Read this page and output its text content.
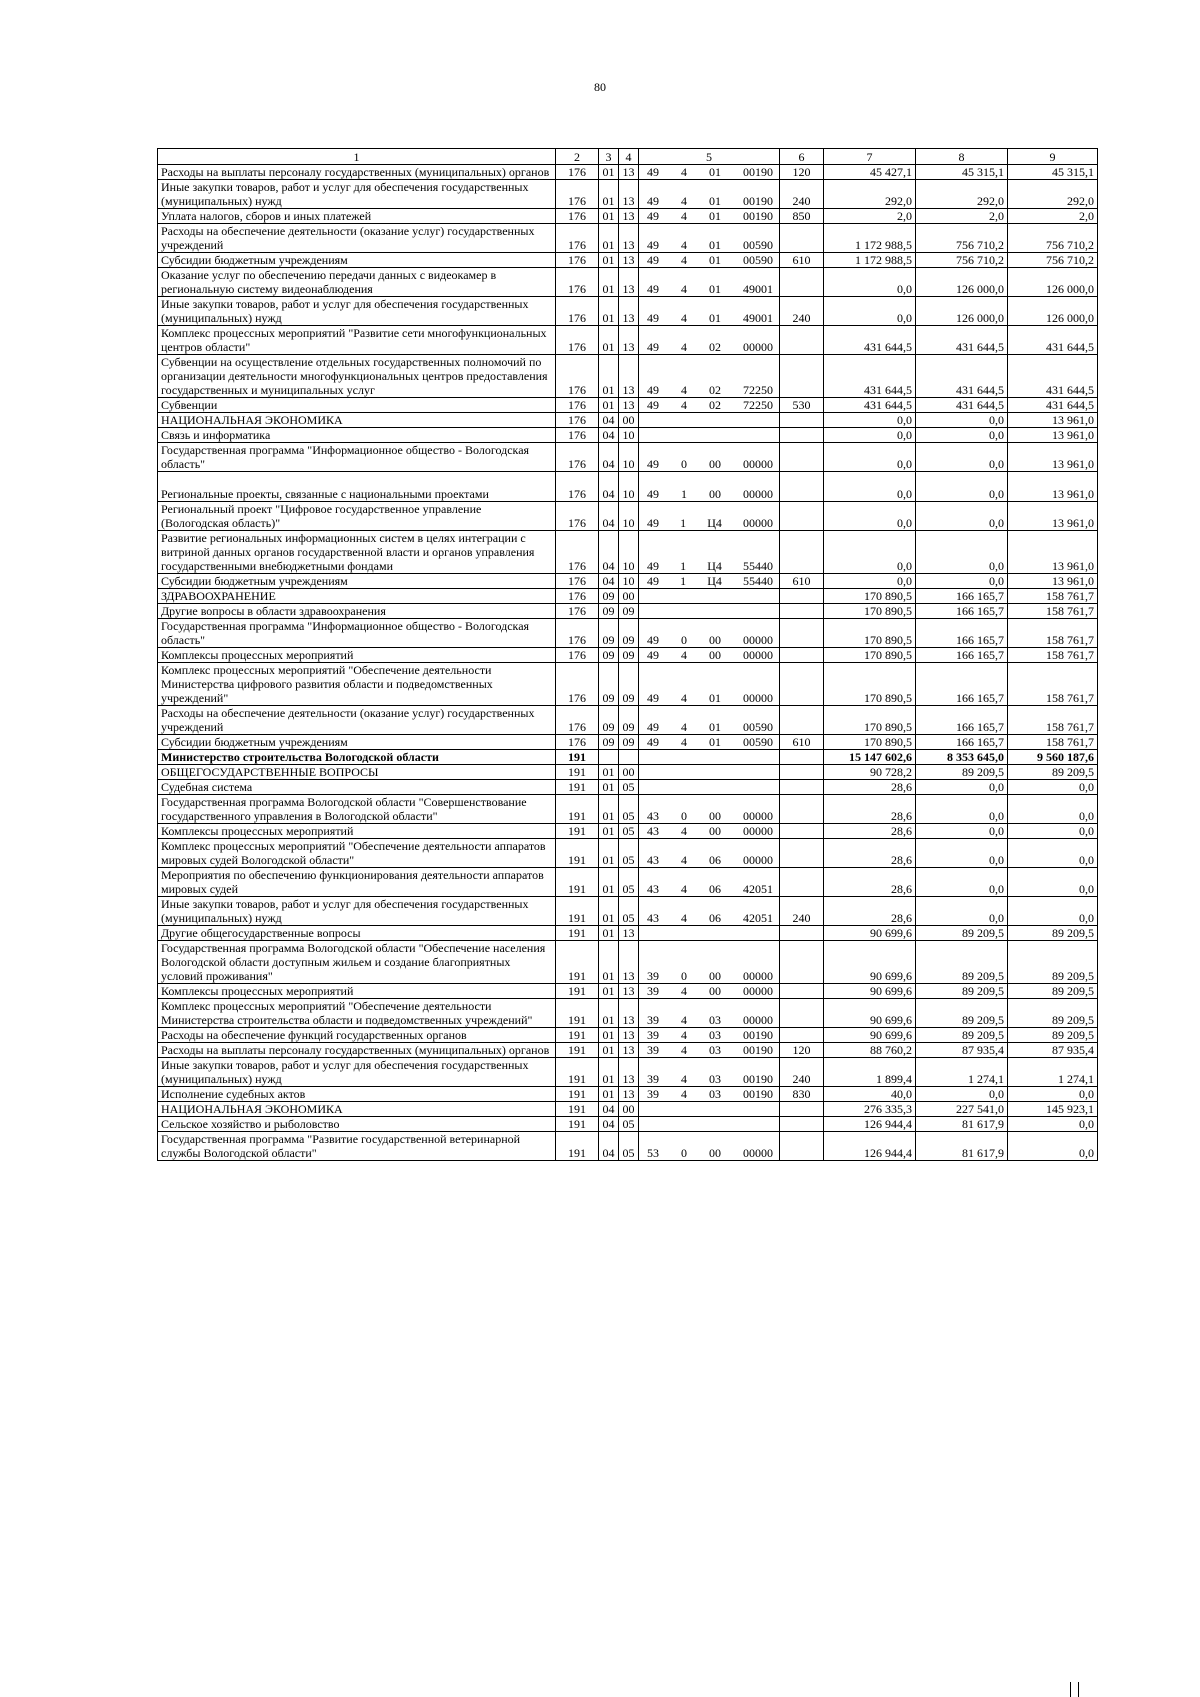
80
1	2	3	4	5	6	7	8	9
Расходы на выплаты персоналу государственных (муниципальных) органов	176	01	13	49 4 01 00190	120	45 427,1	45 315,1	45 315,1
Иные закупки товаров, работ и услуг для обеспечения государственных (муниципальных) нужд	176	01	13	49 4 01 00190	240	292,0	292,0	292,0
Уплата налогов, сборов и иных платежей	176	01	13	49 4 01 00190	850	2,0	2,0	2,0
Расходы на обеспечение деятельности (оказание услуг) государственных учреждений	176	01	13	49 4 01 00590		1 172 988,5	756 710,2	756 710,2
Субсидии бюджетным учреждениям	176	01	13	49 4 01 00590	610	1 172 988,5	756 710,2	756 710,2
Оказание услуг по обеспечению передачи данных с видеокамер в региональную систему видеонаблюдения	176	01	13	49 4 01 49001		0,0	126 000,0	126 000,0
Иные закупки товаров, работ и услуг для обеспечения государственных (муниципальных) нужд	176	01	13	49 4 01 49001	240	0,0	126 000,0	126 000,0
Комплекс процессных мероприятий "Развитие сети многофункциональных центров области"	176	01	13	49 4 02 00000		431 644,5	431 644,5	431 644,5
Субвенции на осуществление отдельных государственных полномочий по организации деятельности многофункциональных центров предоставления государственных и муниципальных услуг	176	01	13	49 4 02 72250		431 644,5	431 644,5	431 644,5
Субвенции	176	01	13	49 4 02 72250	530	431 644,5	431 644,5	431 644,5
НАЦИОНАЛЬНАЯ ЭКОНОМИКА	176	04	00			0,0	0,0	13 961,0
Связь и информатика	176	04	10			0,0	0,0	13 961,0
Государственная программа "Информационное общество - Вологодская область"	176	04	10	49 0 00 00000		0,0	0,0	13 961,0
Региональные проекты, связанные с национальными проектами	176	04	10	49 1 00 00000		0,0	0,0	13 961,0
Региональный проект "Цифровое государственное управление (Вологодская область)"	176	04	10	49 1 Ц4 00000		0,0	0,0	13 961,0
Развитие региональных информационных систем в целях интеграции с витриной данных органов государственной власти и органов управления государственными внебюджетными фондами	176	04	10	49 1 Ц4 55440		0,0	0,0	13 961,0
Субсидии бюджетным учреждениям	176	04	10	49 1 Ц4 55440	610	0,0	0,0	13 961,0
ЗДРАВООХРАНЕНИЕ	176	09	00			170 890,5	166 165,7	158 761,7
Другие вопросы в области здравоохранения	176	09	09			170 890,5	166 165,7	158 761,7
Государственная программа "Информационное общество - Вологодская область"	176	09	09	49 0 00 00000		170 890,5	166 165,7	158 761,7
Комплексы процессных мероприятий	176	09	09	49 4 00 00000		170 890,5	166 165,7	158 761,7
Комплекс процессных мероприятий "Обеспечение деятельности Министерства цифрового развития области и подведомственных учреждений"	176	09	09	49 4 01 00000		170 890,5	166 165,7	158 761,7
Расходы на обеспечение деятельности (оказание услуг) государственных учреждений	176	09	09	49 4 01 00590		170 890,5	166 165,7	158 761,7
Субсидии бюджетным учреждениям	176	09	09	49 4 01 00590	610	170 890,5	166 165,7	158 761,7
Министерство строительства Вологодской области	191					15 147 602,6	8 353 645,0	9 560 187,6
ОБЩЕГОСУДАРСТВЕННЫЕ ВОПРОСЫ	191	01	00			90 728,2	89 209,5	89 209,5
Судебная система	191	01	05			28,6	0,0	0,0
Государственная программа Вологодской области "Совершенствование государственного управления в Вологодской области"	191	01	05	43 0 00 00000		28,6	0,0	0,0
Комплексы процессных мероприятий	191	01	05	43 4 00 00000		28,6	0,0	0,0
Комплекс процессных мероприятий "Обеспечение деятельности аппаратов мировых судей Вологодской области"	191	01	05	43 4 06 00000		28,6	0,0	0,0
Мероприятия по обеспечению функционирования деятельности аппаратов мировых судей	191	01	05	43 4 06 42051		28,6	0,0	0,0
Иные закупки товаров, работ и услуг для обеспечения государственных (муниципальных) нужд	191	01	05	43 4 06 42051	240	28,6	0,0	0,0
Другие общегосударственные вопросы	191	01	13			90 699,6	89 209,5	89 209,5
Государственная программа Вологодской области "Обеспечение населения Вологодской области доступным жильем и создание благоприятных условий проживания"	191	01	13	39 0 00 00000		90 699,6	89 209,5	89 209,5
Комплексы процессных мероприятий	191	01	13	39 4 00 00000		90 699,6	89 209,5	89 209,5
Комплекс процессных мероприятий "Обеспечение деятельности Министерства строительства области и подведомственных учреждений"	191	01	13	39 4 03 00000		90 699,6	89 209,5	89 209,5
Расходы на обеспечение функций государственных органов	191	01	13	39 4 03 00190		90 699,6	89 209,5	89 209,5
Расходы на выплаты персоналу государственных (муниципальных) органов	191	01	13	39 4 03 00190	120	88 760,2	87 935,4	87 935,4
Иные закупки товаров, работ и услуг для обеспечения государственных (муниципальных) нужд	191	01	13	39 4 03 00190	240	1 899,4	1 274,1	1 274,1
Исполнение судебных актов	191	01	13	39 4 03 00190	830	40,0	0,0	0,0
НАЦИОНАЛЬНАЯ ЭКОНОМИКА	191	04	00			276 335,3	227 541,0	145 923,1
Сельское хозяйство и рыболовство	191	04	05			126 944,4	81 617,9	0,0
Государственная программа "Развитие государственной ветеринарной службы Вологодской области"	191	04	05	53 0 00 00000		126 944,4	81 617,9	0,0
